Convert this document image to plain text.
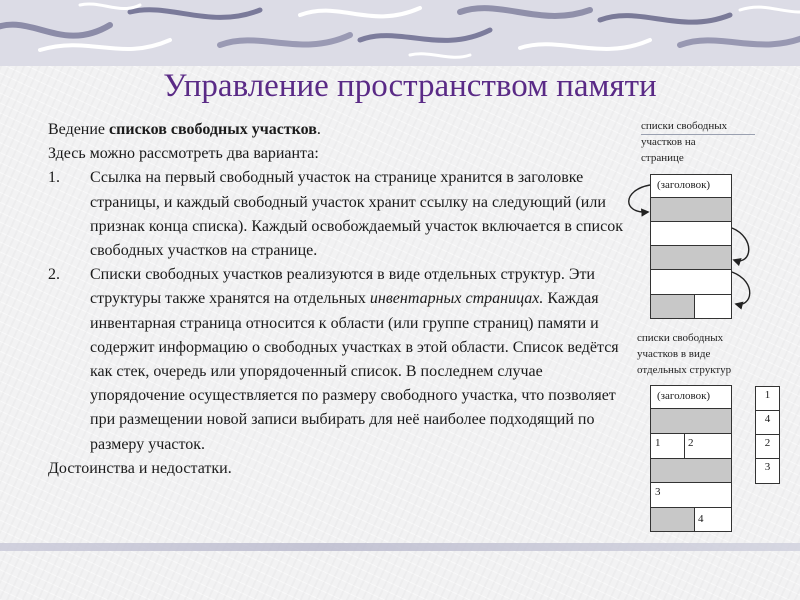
Управление пространством памяти

Ведение списков свободных участков.

Здесь можно рассмотреть два варианта:

1. Ссылка на первый свободный участок на странице хранится в заголовке страницы, и каждый свободный участок хранит ссылку на следующий (или признак конца списка). Каждый освобождаемый участок включается в список свободных участков на странице.
2. Списки свободных участков реализуются в виде отдельных структур. Эти структуры также хранятся на отдельных инвентарных страницах. Каждая инвентарная страница относится к области (или группе страниц) памяти и содержит информацию о свободных участках в этой области. Список ведётся как стек, очередь или упорядоченный список. В последнем случае упорядочение осуществляется по размеру свободного участка, что позволяет при размещении новой записи выбирать для неё наиболее подходящий по размеру участок.

Достоинства и недостатки.

списки свободных
участков на
странице
(заголовок)
списки свободных
участков в виде
отдельных структур
(заголовок)
1	2
3
4
1
4
2
3
